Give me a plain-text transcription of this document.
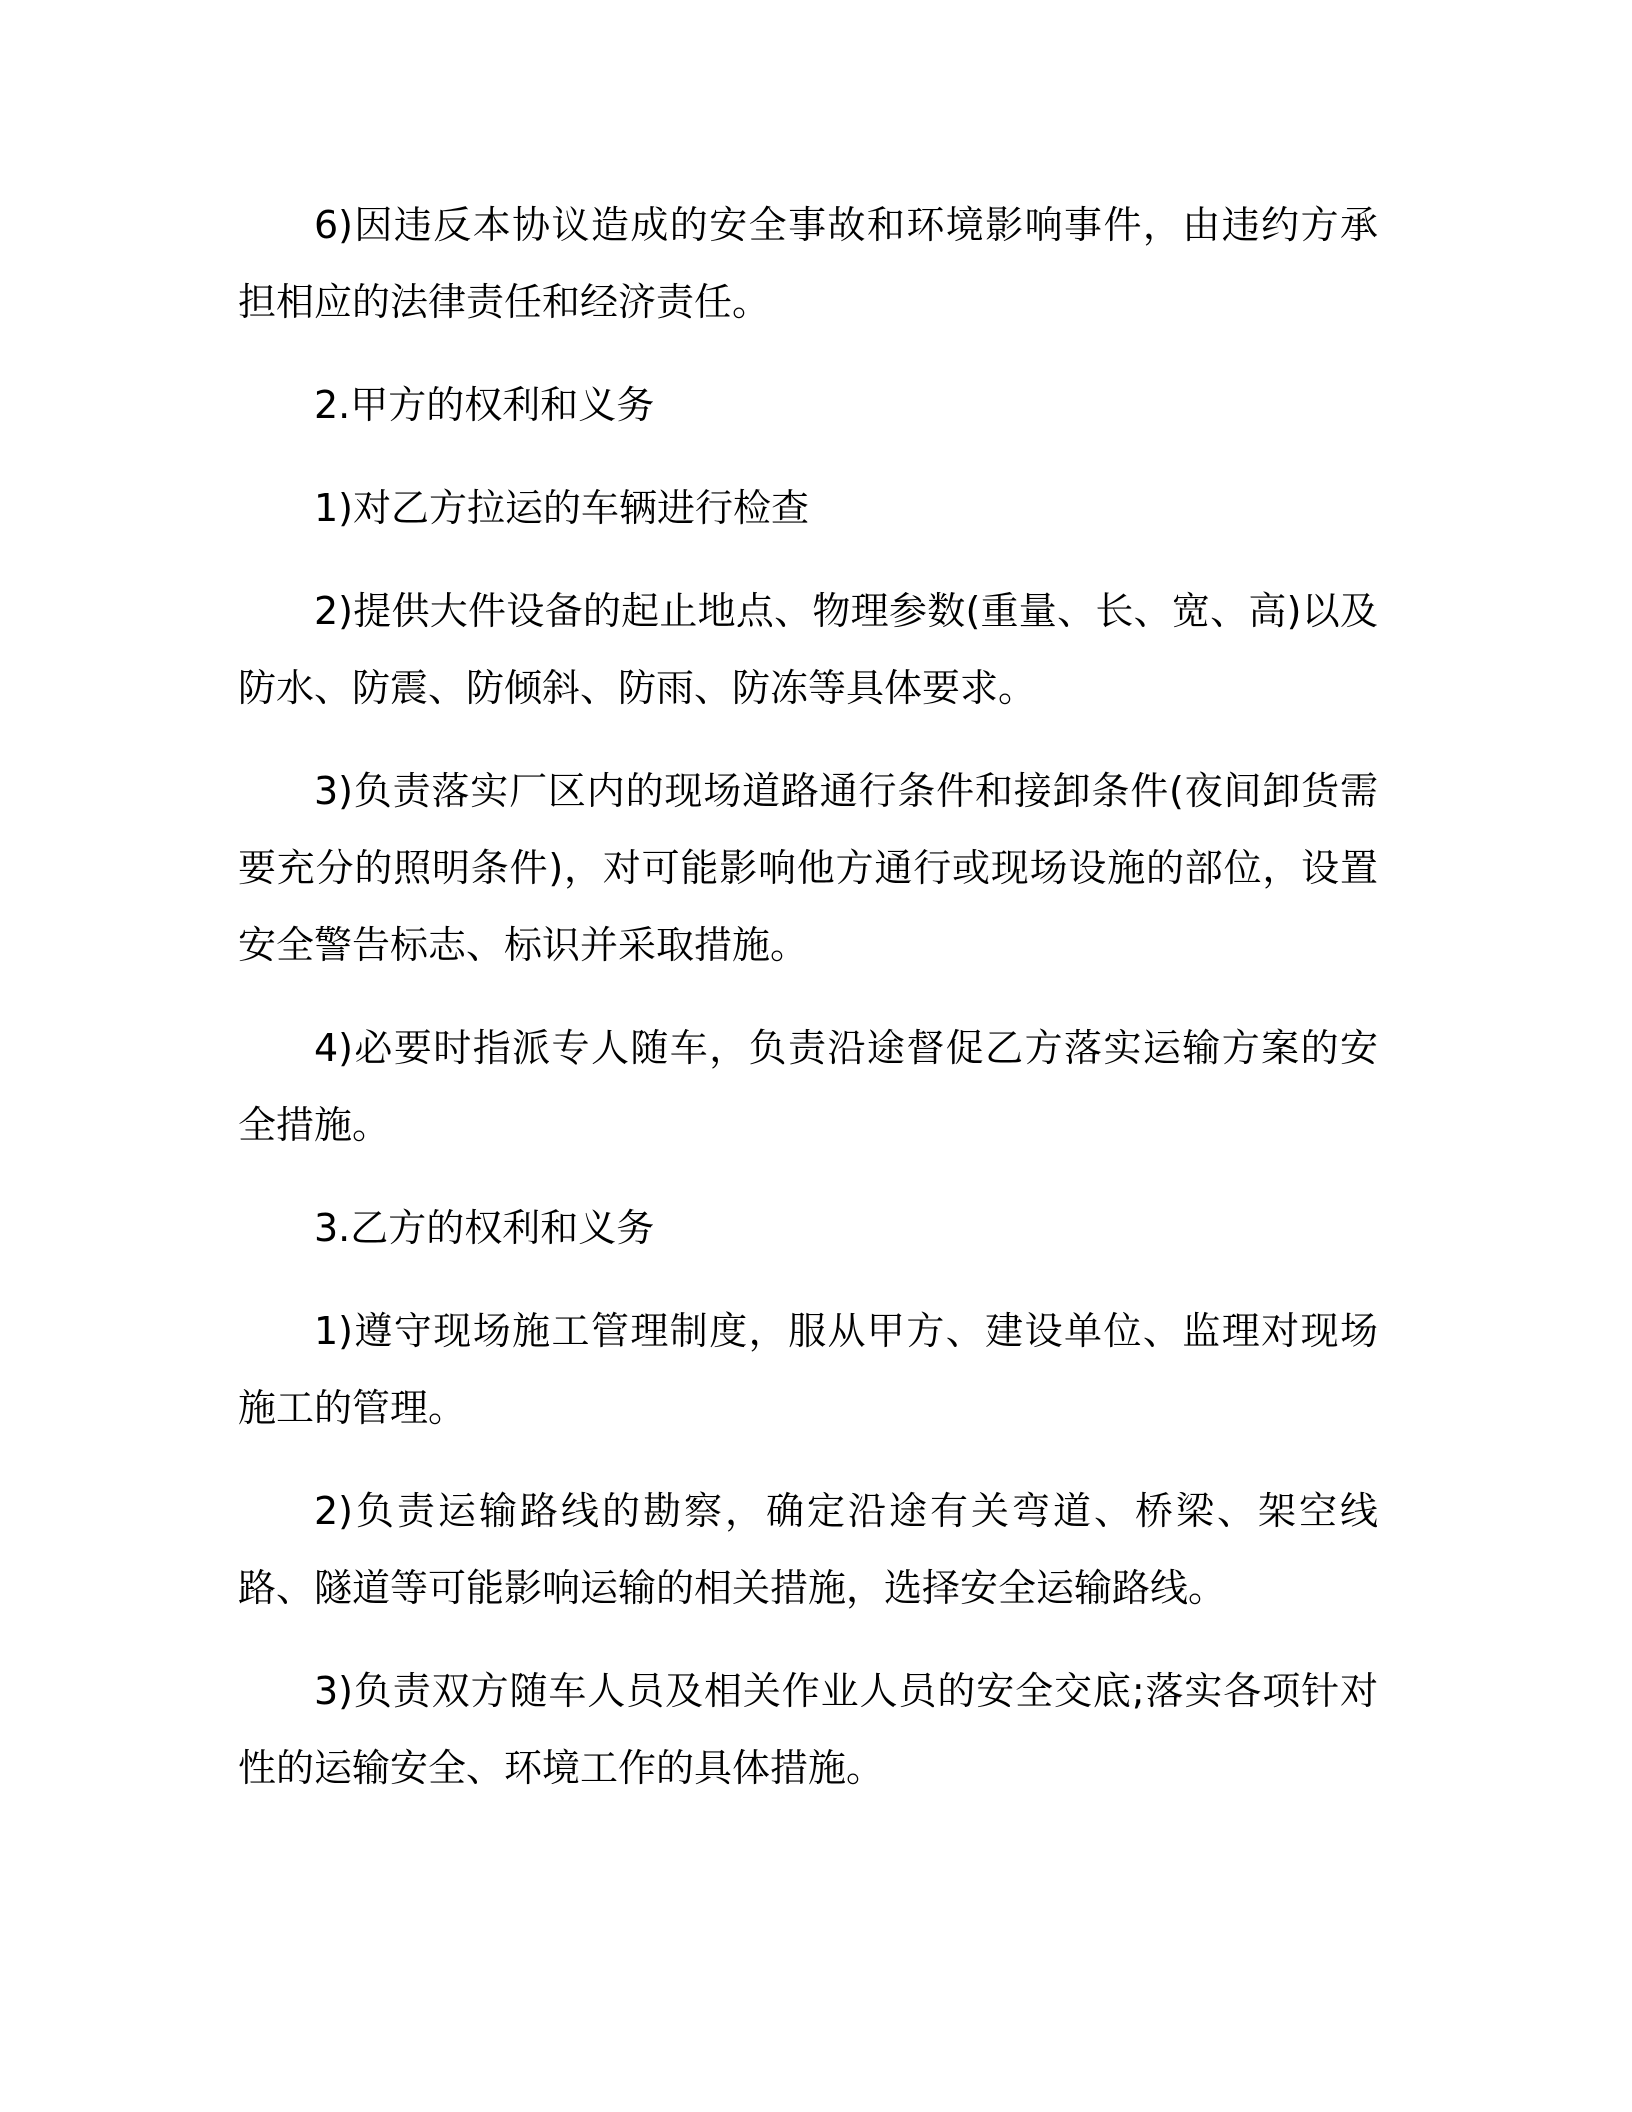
6)因违反本协议造成的安全事故和环境影响事件，由违约方承担相应的法律责任和经济责任。

2.甲方的权利和义务

1)对乙方拉运的车辆进行检查

2)提供大件设备的起止地点、物理参数(重量、长、宽、高)以及防水、防震、防倾斜、防雨、防冻等具体要求。

3)负责落实厂区内的现场道路通行条件和接卸条件(夜间卸货需要充分的照明条件)，对可能影响他方通行或现场设施的部位，设置安全警告标志、标识并采取措施。

4)必要时指派专人随车，负责沿途督促乙方落实运输方案的安全措施。

3.乙方的权利和义务

1)遵守现场施工管理制度，服从甲方、建设单位、监理对现场施工的管理。

2)负责运输路线的勘察，确定沿途有关弯道、桥梁、架空线路、隧道等可能影响运输的相关措施，选择安全运输路线。

3)负责双方随车人员及相关作业人员的安全交底;落实各项针对性的运输安全、环境工作的具体措施。
